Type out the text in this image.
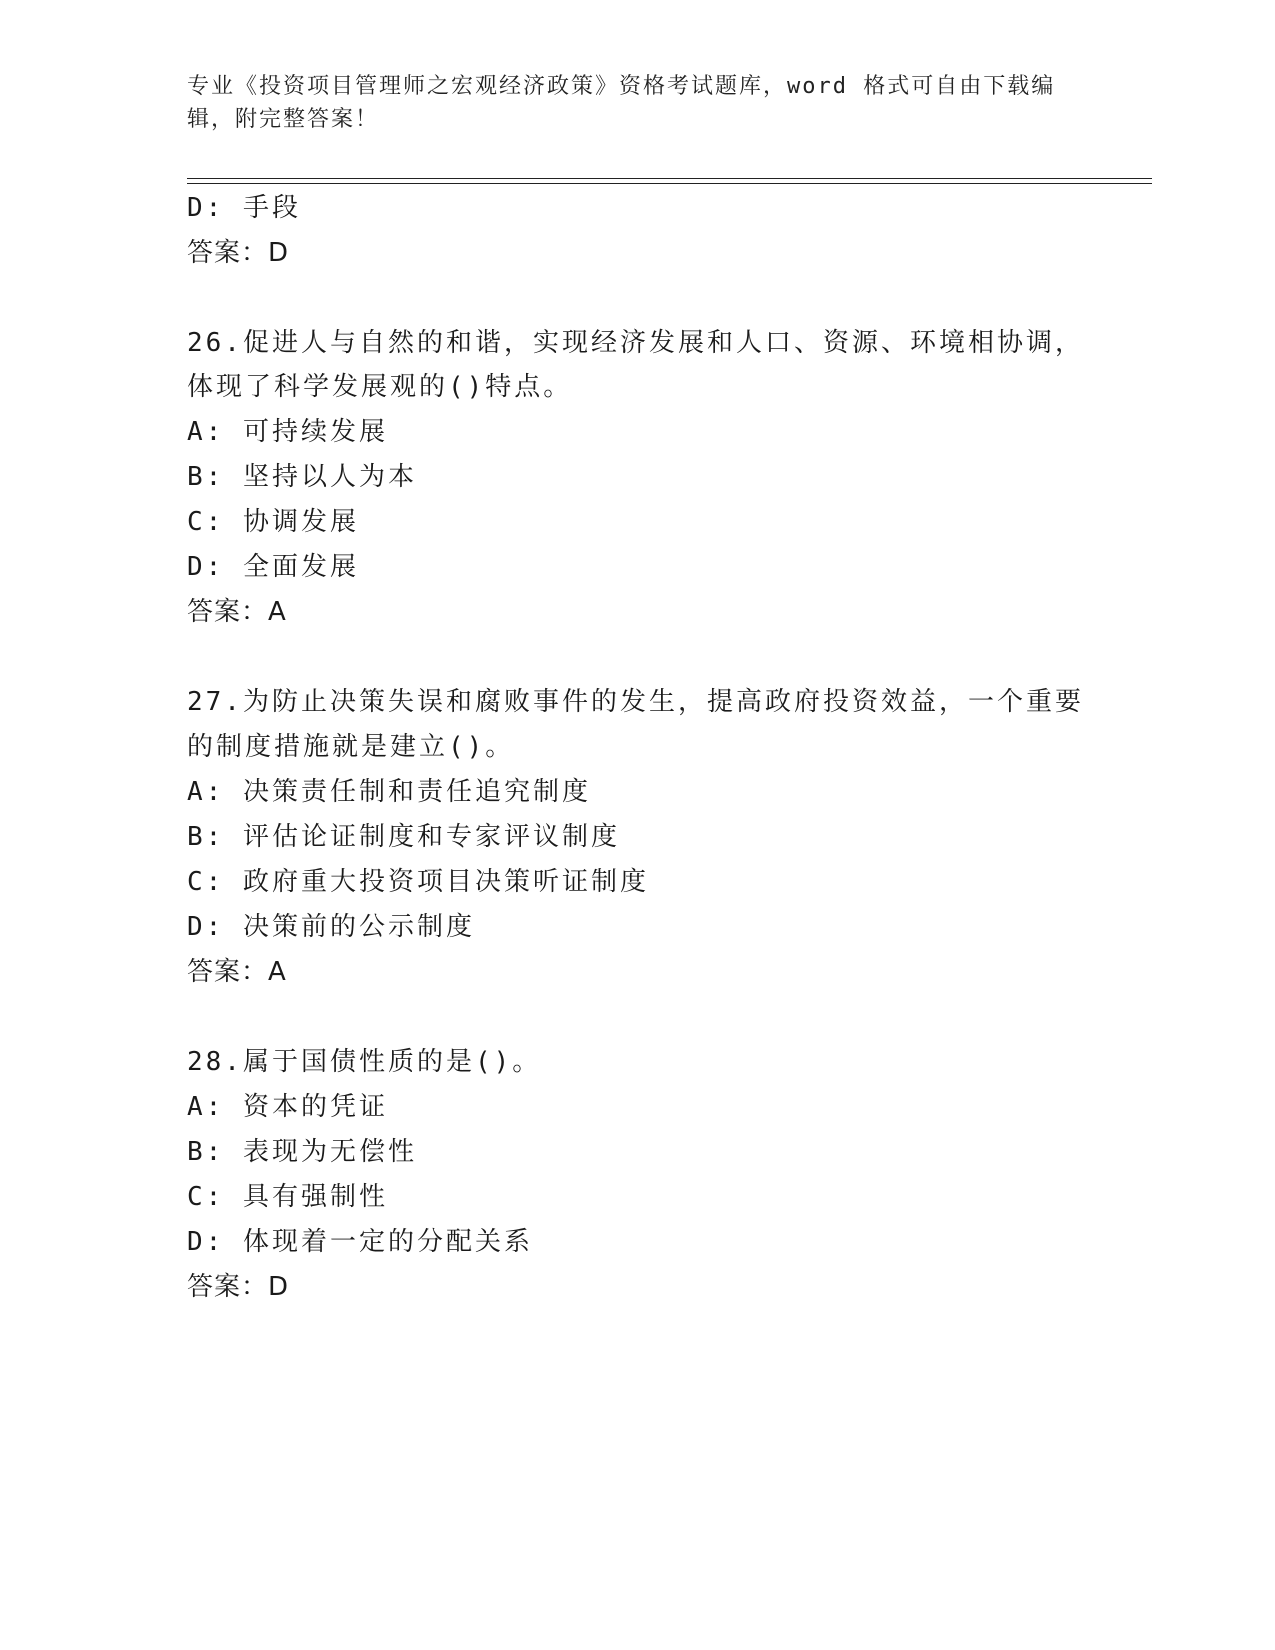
专业《投资项目管理师之宏观经济政策》资格考试题库，word 格式可自由下载编
辑，附完整答案！
D: 手段
答案：D
26.促进人与自然的和谐，实现经济发展和人口、资源、环境相协调，
体现了科学发展观的()特点。
A: 可持续发展
B: 坚持以人为本
C: 协调发展
D: 全面发展
答案：A
27.为防止决策失误和腐败事件的发生，提高政府投资效益，一个重要
的制度措施就是建立()。
A: 决策责任制和责任追究制度
B: 评估论证制度和专家评议制度
C: 政府重大投资项目决策听证制度
D: 决策前的公示制度
答案：A
28.属于国债性质的是()。
A: 资本的凭证
B: 表现为无偿性
C: 具有强制性
D: 体现着一定的分配关系
答案：D
